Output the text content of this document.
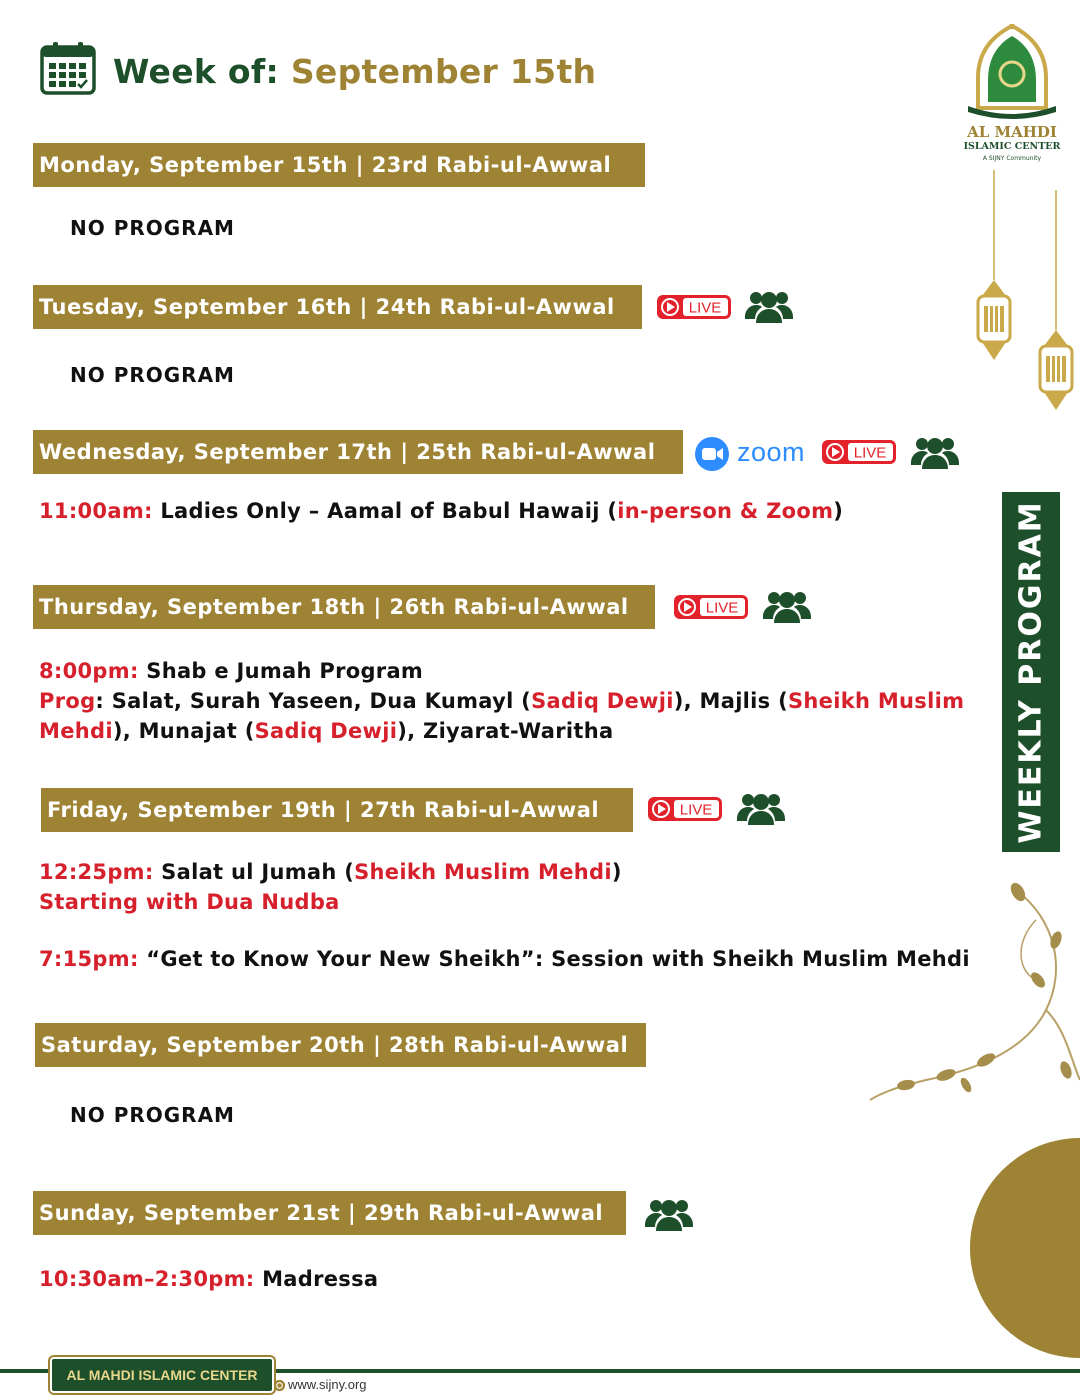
Week of: September 15th
AL MAHDI
ISLAMIC CENTER
A SIJNY Community
WEEKLY PROGRAM
Monday, September 15th | 23rd Rabi-ul-Awwal
NO PROGRAM
Tuesday, September 16th | 24th Rabi-ul-Awwal	LIVE
NO PROGRAM
Wednesday, September 17th | 25th Rabi-ul-Awwal	zoom	LIVE
11:00am: Ladies Only – Aamal of Babul Hawaij (in-person & Zoom)
Thursday, September 18th | 26th Rabi-ul-Awwal	LIVE
8:00pm: Shab e Jumah Program
Prog: Salat, Surah Yaseen, Dua Kumayl (Sadiq Dewji), Majlis (Sheikh Muslim
Mehdi), Munajat (Sadiq Dewji), Ziyarat-Waritha
Friday, September 19th | 27th Rabi-ul-Awwal	LIVE
12:25pm: Salat ul Jumah (Sheikh Muslim Mehdi)
Starting with Dua Nudba
7:15pm: “Get to Know Your New Sheikh”: Session with Sheikh Muslim Mehdi
Saturday, September 20th | 28th Rabi-ul-Awwal
NO PROGRAM
Sunday, September 21st | 29th Rabi-ul-Awwal
10:30am–2:30pm: Madressa
AL MAHDI ISLAMIC CENTER
www.sijny.org
